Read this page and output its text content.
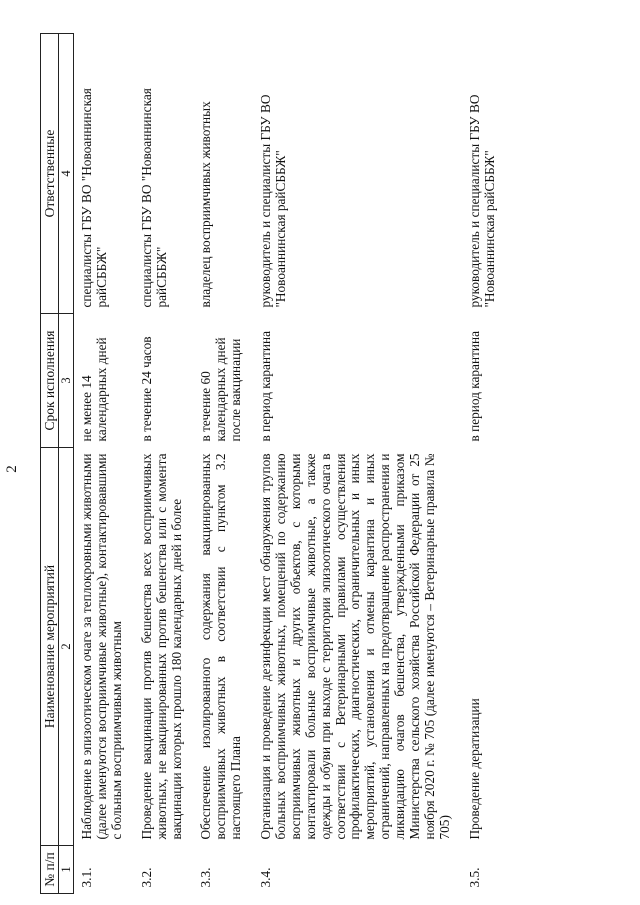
2
№ п/п	Наименование мероприятий	Срок исполнения	Ответственные
1	2	3	4
3.1.	Наблюдение в эпизоотическом очаге за теплокровными животными (далее именуются восприимчивые животные), контактировавшими с больным восприимчивым животным	не менее 14 календарных дней	специалисты ГБУ ВО "Новоаннинская райСББЖ"
3.2.	Проведение вакцинации против бешенства всех восприимчивых животных, не вакцинированных против бешенства или с момента вакцинации которых прошло 180 календарных дней и более	в течение 24 часов	специалисты ГБУ ВО "Новоаннинская райСББЖ"
3.3.	Обеспечение изолированного содержания вакцинированных восприимчивых животных в соответствии с пунктом 3.2 настоящего Плана	в течение 60 календарных дней после вакцинации	владелец восприимчивых животных
3.4.	Организация и проведение дезинфекции мест обнаружения трупов больных восприимчивых животных, помещений по содержанию восприимчивых животных и других объектов, с которыми контактировали больные восприимчивые животные, а также одежды и обуви при выходе с территории эпизоотического очага в соответствии с Ветеринарными правилами осуществления профилактических, диагностических, ограничительных и иных мероприятий, установления и отмены карантина и иных ограничений, направленных на предотвращение распространения и ликвидацию очагов бешенства, утвержденными приказом Министерства сельского хозяйства Российской Федерации от 25 ноября 2020 г. № 705 (далее именуются – Ветеринарные правила № 705)	в период карантина	руководитель и специалисты ГБУ ВО "Новоаннинская райСББЖ"
3.5.	Проведение дератизации	в период карантина	руководитель и специалисты ГБУ ВО "Новоаннинская райСББЖ"
